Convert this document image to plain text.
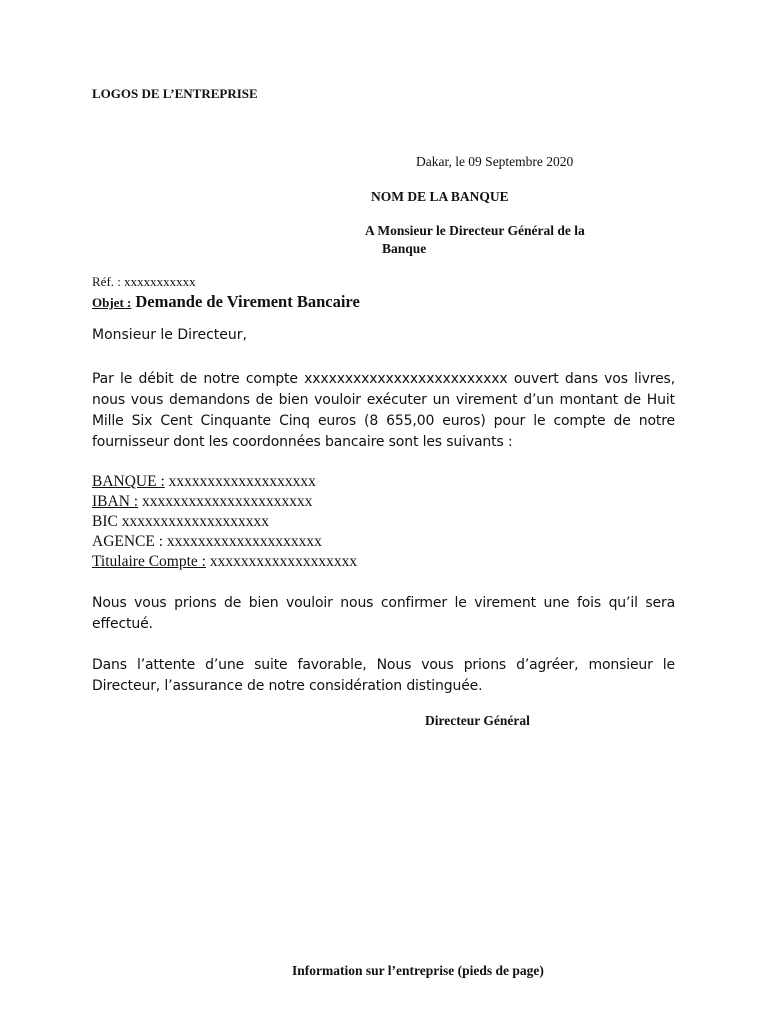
LOGOS DE L’ENTREPRISE
Dakar, le 09 Septembre 2020
NOM DE LA BANQUE
A Monsieur le Directeur Général de la
Banque
Réf. : xxxxxxxxxxx
Objet : Demande de Virement Bancaire
Monsieur le Directeur,
Par le débit de notre compte xxxxxxxxxxxxxxxxxxxxxxxxx ouvert dans vos livres, nous vous demandons de bien vouloir exécuter un virement d’un montant de Huit Mille Six Cent Cinquante Cinq euros (8 655,00 euros) pour le compte de notre fournisseur dont les coordonnées bancaire sont les suivants :
BANQUE : xxxxxxxxxxxxxxxxxxx
IBAN : xxxxxxxxxxxxxxxxxxxxxx
BIC xxxxxxxxxxxxxxxxxxx
AGENCE : xxxxxxxxxxxxxxxxxxxx
Titulaire Compte : xxxxxxxxxxxxxxxxxxx
Nous vous prions de bien vouloir nous confirmer le virement une fois qu’il sera effectué.
Dans l’attente d’une suite favorable, Nous vous prions d’agréer, monsieur le Directeur, l’assurance de notre considération distinguée.
Directeur Général
Information sur l’entreprise (pieds de page)
